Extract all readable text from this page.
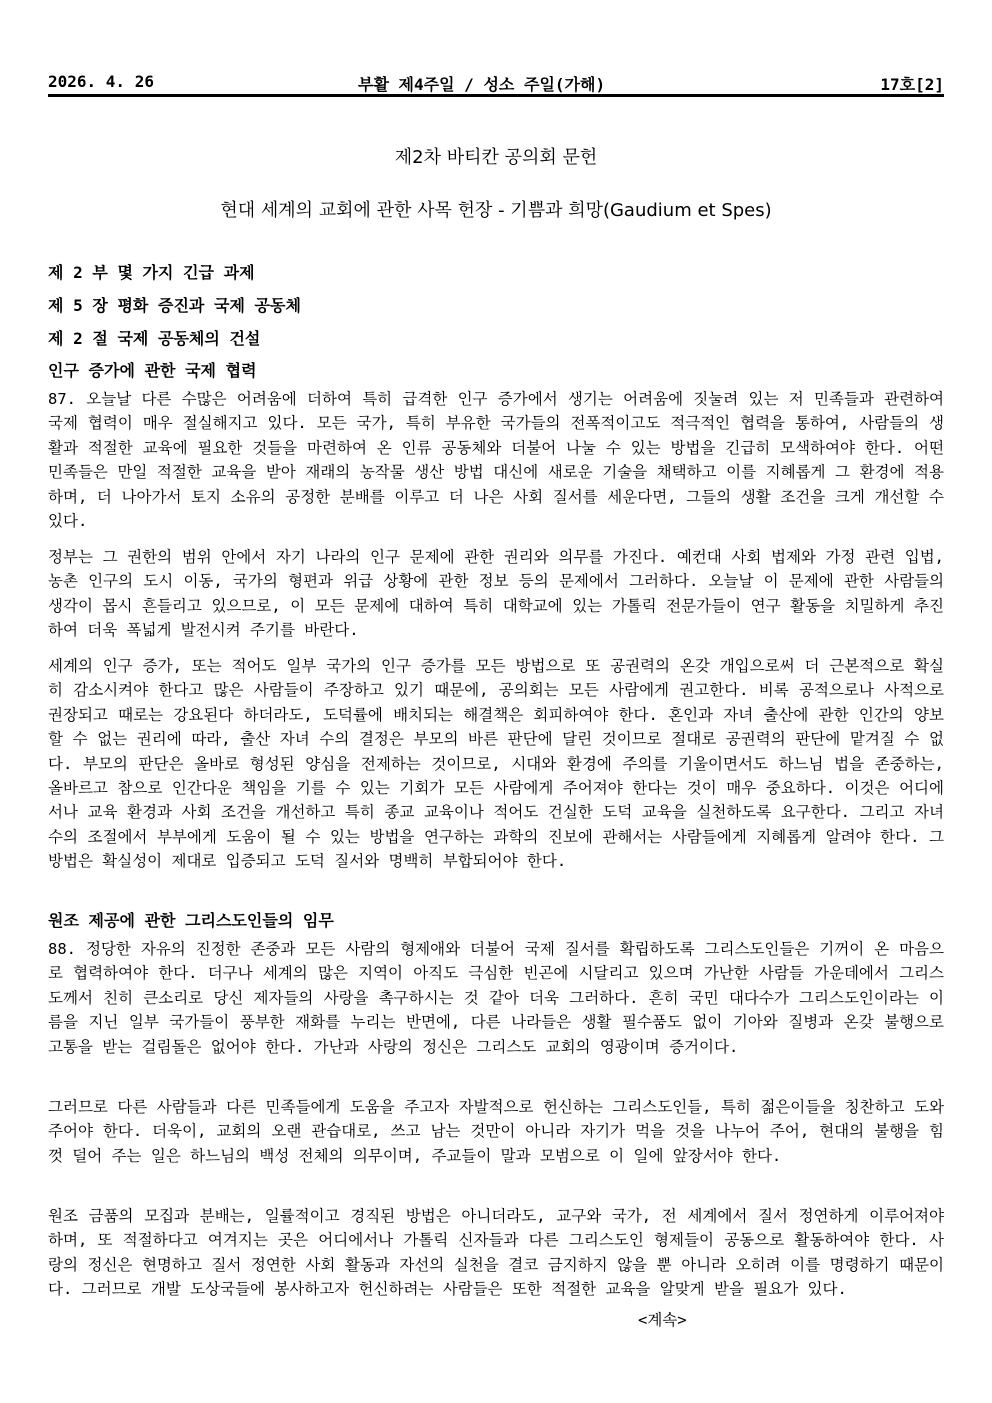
2026. 4. 26	부활 제4주일 / 성소 주일(가해)	17호[2]
제2차 바티칸 공의회 문헌
현대 세계의 교회에 관한 사목 헌장 - 기쁨과 희망(Gaudium et Spes)
제 2 부 몇 가지 긴급 과제
제 5 장 평화 증진과 국제 공동체
제 2 절 국제 공동체의 건설
인구 증가에 관한 국제 협력
87. 오늘날 다른 수많은 어려움에 더하여 특히 급격한 인구 증가에서 생기는 어려움에 짓눌려 있는 저 민족들과 관련하여 국제 협력이 매우 절실해지고 있다. 모든 국가, 특히 부유한 국가들의 전폭적이고도 적극적인 협력을 통하여, 사람들의 생활과 적절한 교육에 필요한 것들을 마련하여 온 인류 공동체와 더불어 나눌 수 있는 방법을 긴급히 모색하여야 한다. 어떤 민족들은 만일 적절한 교육을 받아 재래의 농작물 생산 방법 대신에 새로운 기술을 채택하고 이를 지혜롭게 그 환경에 적용하며, 더 나아가서 토지 소유의 공정한 분배를 이루고 더 나은 사회 질서를 세운다면, 그들의 생활 조건을 크게 개선할 수 있다.
정부는 그 권한의 범위 안에서 자기 나라의 인구 문제에 관한 권리와 의무를 가진다. 예컨대 사회 법제와 가정 관련 입법, 농촌 인구의 도시 이동, 국가의 형편과 위급 상황에 관한 정보 등의 문제에서 그러하다. 오늘날 이 문제에 관한 사람들의 생각이 몹시 흔들리고 있으므로, 이 모든 문제에 대하여 특히 대학교에 있는 가톨릭 전문가들이 연구 활동을 치밀하게 추진하여 더욱 폭넓게 발전시켜 주기를 바란다.
세계의 인구 증가, 또는 적어도 일부 국가의 인구 증가를 모든 방법으로 또 공권력의 온갖 개입으로써 더 근본적으로 확실히 감소시켜야 한다고 많은 사람들이 주장하고 있기 때문에, 공의회는 모든 사람에게 권고한다. 비록 공적으로나 사적으로 권장되고 때로는 강요된다 하더라도, 도덕률에 배치되는 해결책은 회피하여야 한다. 혼인과 자녀 출산에 관한 인간의 양보할 수 없는 권리에 따라, 출산 자녀 수의 결정은 부모의 바른 판단에 달린 것이므로 절대로 공권력의 판단에 맡겨질 수 없다. 부모의 판단은 올바로 형성된 양심을 전제하는 것이므로, 시대와 환경에 주의를 기울이면서도 하느님 법을 존중하는, 올바르고 참으로 인간다운 책임을 기를 수 있는 기회가 모든 사람에게 주어져야 한다는 것이 매우 중요하다. 이것은 어디에서나 교육 환경과 사회 조건을 개선하고 특히 종교 교육이나 적어도 건실한 도덕 교육을 실천하도록 요구한다. 그리고 자녀 수의 조절에서 부부에게 도움이 될 수 있는 방법을 연구하는 과학의 진보에 관해서는 사람들에게 지혜롭게 알려야 한다. 그 방법은 확실성이 제대로 입증되고 도덕 질서와 명백히 부합되어야 한다.
원조 제공에 관한 그리스도인들의 임무
88. 정당한 자유의 진정한 존중과 모든 사람의 형제애와 더불어 국제 질서를 확립하도록 그리스도인들은 기꺼이 온 마음으로 협력하여야 한다. 더구나 세계의 많은 지역이 아직도 극심한 빈곤에 시달리고 있으며 가난한 사람들 가운데에서 그리스도께서 친히 큰소리로 당신 제자들의 사랑을 촉구하시는 것 같아 더욱 그러하다. 흔히 국민 대다수가 그리스도인이라는 이름을 지닌 일부 국가들이 풍부한 재화를 누리는 반면에, 다른 나라들은 생활 필수품도 없이 기아와 질병과 온갖 불행으로 고통을 받는 걸림돌은 없어야 한다. 가난과 사랑의 정신은 그리스도 교회의 영광이며 증거이다.
그러므로 다른 사람들과 다른 민족들에게 도움을 주고자 자발적으로 헌신하는 그리스도인들, 특히 젊은이들을 칭찬하고 도와주어야 한다. 더욱이, 교회의 오랜 관습대로, 쓰고 남는 것만이 아니라 자기가 먹을 것을 나누어 주어, 현대의 불행을 힘껏 덜어 주는 일은 하느님의 백성 전체의 의무이며, 주교들이 말과 모범으로 이 일에 앞장서야 한다.
원조 금품의 모집과 분배는, 일률적이고 경직된 방법은 아니더라도, 교구와 국가, 전 세계에서 질서 정연하게 이루어져야 하며, 또 적절하다고 여겨지는 곳은 어디에서나 가톨릭 신자들과 다른 그리스도인 형제들이 공동으로 활동하여야 한다. 사랑의 정신은 현명하고 질서 정연한 사회 활동과 자선의 실천을 결코 금지하지 않을 뿐 아니라 오히려 이를 명령하기 때문이다. 그러므로 개발 도상국들에 봉사하고자 헌신하려는 사람들은 또한 적절한 교육을 알맞게 받을 필요가 있다.
<계속>
